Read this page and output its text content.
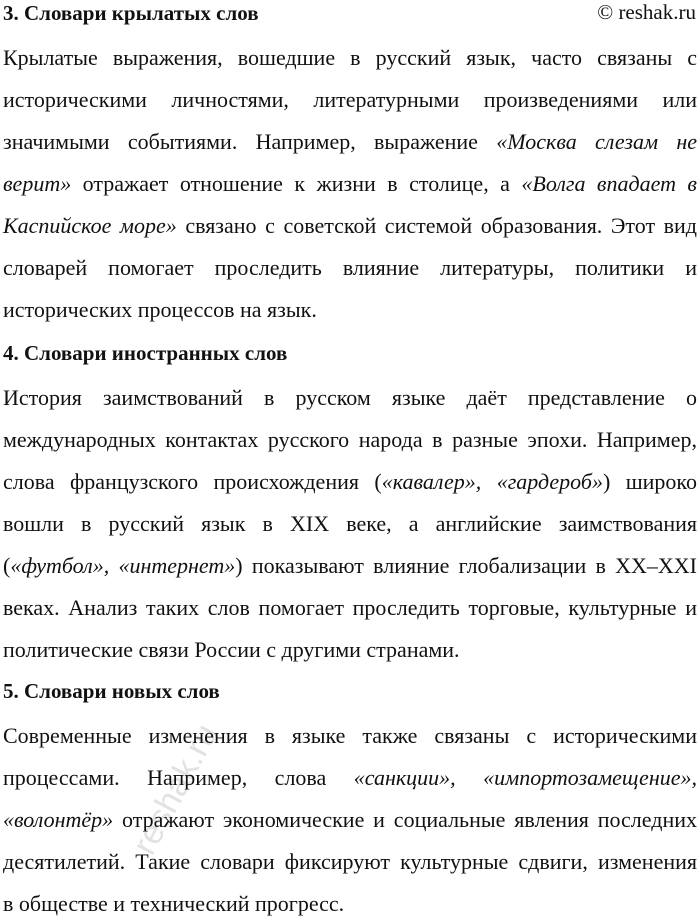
© reshak.ru
reshak.ru
3. Словари крылатых слов
Крылатые выражения, вошедшие в русский язык, часто связаны с
историческими личностями, литературными произведениями или
значимыми событиями. Например, выражение «Москва слезам не
верит» отражает отношение к жизни в столице, а «Волга впадает в
Каспийское море» связано с советской системой образования. Этот вид
словарей помогает проследить влияние литературы, политики и
исторических процессов на язык.
4. Словари иностранных слов
История заимствований в русском языке даёт представление о
международных контактах русского народа в разные эпохи. Например,
слова французского происхождения («кавалер», «гардероб») широко
вошли в русский язык в XIX веке, а английские заимствования
(«футбол», «интернет») показывают влияние глобализации в XX–XXI
веках. Анализ таких слов помогает проследить торговые, культурные и
политические связи России с другими странами.
5. Словари новых слов
Современные изменения в языке также связаны с историческими
процессами. Например, слова «санкции», «импортозамещение»,
«волонтёр» отражают экономические и социальные явления последних
десятилетий. Такие словари фиксируют культурные сдвиги, изменения
в обществе и технический прогресс.
